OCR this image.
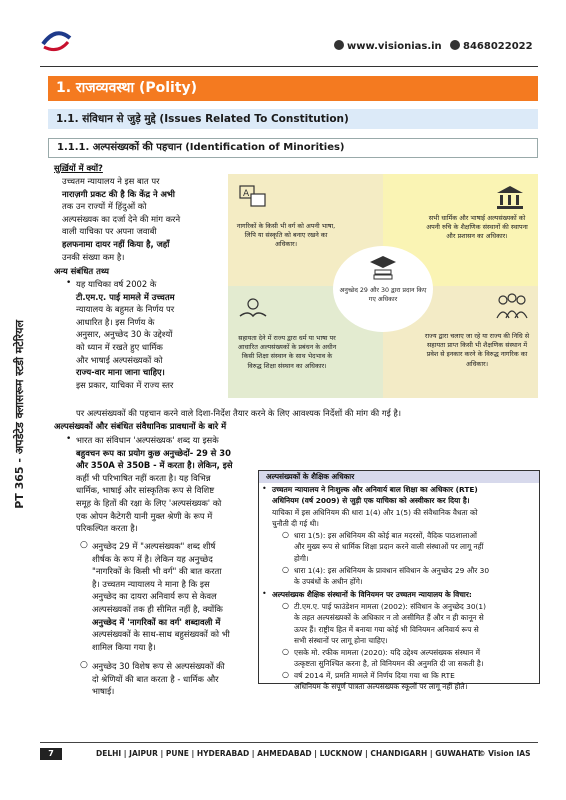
www.visionias.in	8468022022
PT 365 - अपडेटेड क्लासरूम स्टडी मटेरियल
1. राजव्यवस्था (Polity)
1.1. संविधान से जुड़े मुद्दे (Issues Related To Constitution)
1.1.1. अल्पसंख्यकों की पहचान (Identification of Minorities)
सुर्ख़ियों में क्यों?
उच्चतम न्यायालय ने इस बात पर
नाराज़गी प्रकट की है कि केंद्र ने अभी
तक उन राज्यों में हिंदुओं को
अल्पसंख्यक का दर्जा देने की मांग करने
वाली याचिका पर अपना जवाबी
हलफनामा दायर नहीं किया है, जहाँ
उनकी संख्या कम है।
अन्य संबंधित तथ्य
• यह याचिका वर्ष 2002 के
टी.एम.ए. पाई मामले में उच्चतम
न्यायालय के बहुमत के निर्णय पर
आधारित है। इस निर्णय के
अनुसार, अनुच्छेद 30 के उद्देश्यों
को ध्यान में रखते हुए धार्मिक
और भाषाई अल्पसंख्यकों को
राज्य-वार माना जाना चाहिए।
इस प्रकार, याचिका में राज्य स्तर
पर अल्पसंख्यकों की पहचान करने वाले दिशा-निर्देश तैयार करने के लिए आवश्यक निर्देशों की मांग की गई है।
अल्पसंख्यकों और संबंधित संवैधानिक प्रावधानों के बारे में
• भारत का संविधान 'अल्पसंख्यक' शब्द या इसके
बहुवचन रूप का प्रयोग कुछ अनुच्छेदों- 29 से 30
और 350A से 350B - में करता है। लेकिन, इसे
कहीं भी परिभाषित नहीं करता है। यह विभिन्न
धार्मिक, भाषाई और सांस्कृतिक रूप से विशिष्ट
समूह के हितों की रक्षा के लिए 'अल्पसंख्यक' को
एक ओपन कैटेगरी यानी मुक्त श्रेणी के रूप में
परिकल्पित करता है।
○ अनुच्छेद 29 में "अल्पसंख्यक" शब्द शीर्ष
शीर्षक के रूप में है। लेकिन यह अनुच्छेद
"नागरिकों के किसी भी वर्ग" की बात करता
है। उच्चतम न्यायालय ने माना है कि इस
अनुच्छेद का दायरा अनिवार्य रूप से केवल
अल्पसंख्यकों तक ही सीमित नहीं है, क्योंकि
अनुच्छेद में 'नागरिकों का वर्ग' शब्दावली में
अल्पसंख्यकों के साथ-साथ बहुसंख्यकों को भी
शामिल किया गया है।
○ अनुच्छेद 30 विशेष रूप से अल्पसंख्यकों की
दो श्रेणियों की बात करता है - धार्मिक और
भाषाई।
A
नागरिकों के किसी भी वर्ग को अपनी भाषा, लिपि या संस्कृति को बनाए रखने का अधिकार।
सभी धार्मिक और भाषाई अल्पसंख्यकों को अपनी रुचि के शैक्षणिक संस्थानों की स्थापना और प्रशासन का अधिकार।
सहायता देने में राज्य द्वारा धर्म या भाषा पर आधारित अल्पसंख्यकों के प्रबंधन के अधीन किसी शिक्षा संस्थान के साथ भेदभाव के विरुद्ध शिक्षा संस्थान का अधिकार।
राज्य द्वारा चलाए जा रहे या राज्य की निधि से सहायता प्राप्त किसी भी शैक्षणिक संस्थान में प्रवेश से इनकार करने के विरुद्ध नागरिक का अधिकार।
अनुच्छेद 29 और 30 द्वारा प्रदान किए गए अधिकार
अल्पसंख्यकों के शैक्षिक अधिकार
• उच्चतम न्यायालय ने निःशुल्क और अनिवार्य बाल शिक्षा का अधिकार (RTE)
अधिनियम (वर्ष 2009) से जुड़ी एक याचिका को अस्वीकार कर दिया है।
याचिका में इस अधिनियम की धारा 1(4) और 1(5) की संवैधानिक वैधता को
चुनौती दी गई थी।
○ धारा 1(5): इस अधिनियम की कोई बात मदरसों, वैदिक पाठशालाओं
और मुख्य रूप से धार्मिक शिक्षा प्रदान करने वाली संस्थाओं पर लागू नहीं
होगी।
○ धारा 1(4): इस अधिनियम के प्रावधान संविधान के अनुच्छेद 29 और 30
के उपबंधों के अधीन होंगे।
• अल्पसंख्यक शैक्षिक संस्थानों के विनियमन पर उच्चतम न्यायालय के विचार:
○ टी.एम.ए. पाई फाउंडेशन मामला (2002): संविधान के अनुच्छेद 30(1)
के तहत अल्पसंख्यकों के अधिकार न तो असीमित हैं और न ही कानून से
ऊपर हैं। राष्ट्रीय हित में बनाया गया कोई भी विनियमन अनिवार्य रूप से
सभी संस्थानों पर लागू होना चाहिए।
○ एसके मो. रफीक मामला (2020): यदि उद्देश्य अल्पसंख्यक संस्थान में
उत्कृष्टता सुनिश्चित करना है, तो विनियमन की अनुमति दी जा सकती है।
○ वर्ष 2014 में, प्रमति मामले में निर्णय दिया गया था कि RTE
अधिनियम के संपूर्ण पात्रता अल्पसंख्यक स्कूलों पर लागू नहीं होते।
7	DELHI | JAIPUR | PUNE | HYDERABAD | AHMEDABAD | LUCKNOW | CHANDIGARH | GUWAHATI
© Vision IAS
